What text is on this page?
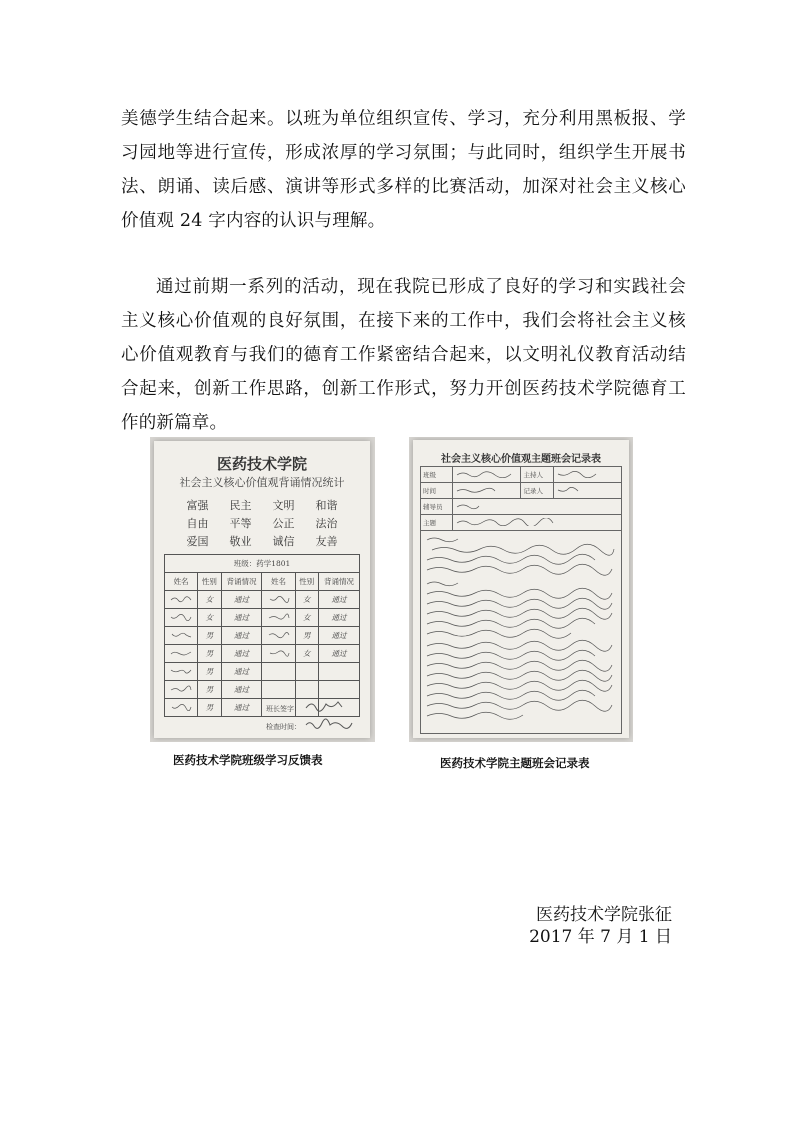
美德学生结合起来。以班为单位组织宣传、学习，充分利用黑板报、学习园地等进行宣传，形成浓厚的学习氛围；与此同时，组织学生开展书法、朗诵、读后感、演讲等形式多样的比赛活动，加深对社会主义核心价值观 24 字内容的认识与理解。

通过前期一系列的活动，现在我院已形成了良好的学习和实践社会主义核心价值观的良好氛围，在接下来的工作中，我们会将社会主义核心价值观教育与我们的德育工作紧密结合起来，以文明礼仪教育活动结合起来，创新工作思路，创新工作形式，努力开创医药技术学院德育工作的新篇章。

医药技术学院
社会主义核心价值观背诵情况统计
富强	民主	文明	和谐
自由	平等	公正	法治
爱国	敬业	诚信	友善
班级：药学1801					
姓名	性别	背诵情况	姓名	性别	背诵情况
	女	通过		女	通过
	女	通过		女	通过
	男	通过		男	通过
	男	通过		女	通过
	男	通过			
	男	通过			
	男	通过			班长签字：
检查时间：
医药技术学院班级学习反馈表
社会主义核心价值观主题班会记录表
班级		主持人	
时间		记录人	
辅导员	
主题	

医药技术学院主题班会记录表
医药技术学院张征
2017 年 7 月 1 日
